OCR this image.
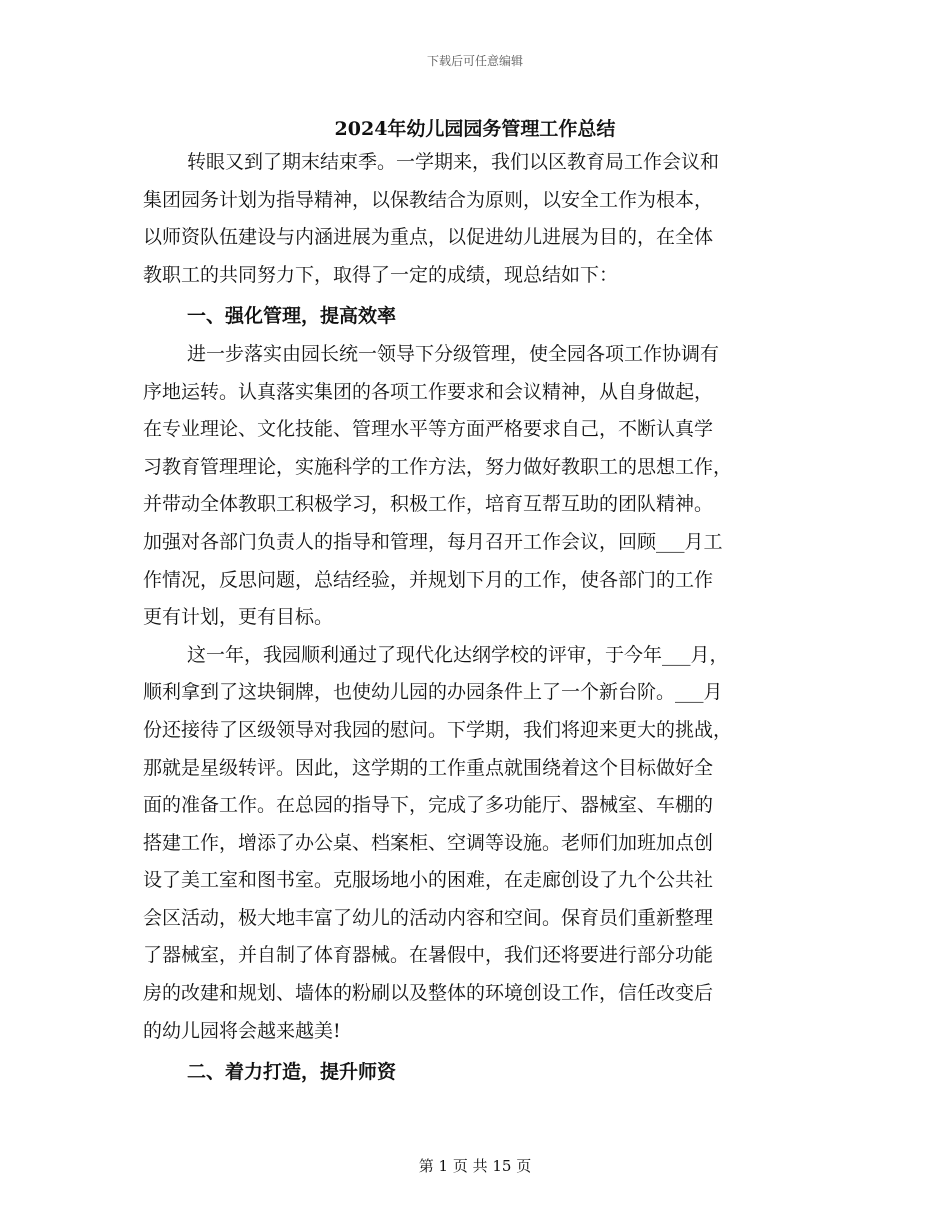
下载后可任意编辑
2024年幼儿园园务管理工作总结
转眼又到了期末结束季。一学期来，我们以区教育局工作会议和
集团园务计划为指导精神，以保教结合为原则，以安全工作为根本，
以师资队伍建设与内涵进展为重点，以促进幼儿进展为目的，在全体
教职工的共同努力下，取得了一定的成绩，现总结如下：
一、强化管理，提高效率
进一步落实由园长统一领导下分级管理，使全园各项工作协调有
序地运转。认真落实集团的各项工作要求和会议精神，从自身做起，
在专业理论、文化技能、管理水平等方面严格要求自己，不断认真学
习教育管理理论，实施科学的工作方法，努力做好教职工的思想工作，
并带动全体教职工积极学习，积极工作，培育互帮互助的团队精神。
加强对各部门负责人的指导和管理，每月召开工作会议，回顾___月工
作情况，反思问题，总结经验，并规划下月的工作，使各部门的工作
更有计划，更有目标。
这一年，我园顺利通过了现代化达纲学校的评审，于今年___月，
顺利拿到了这块铜牌，也使幼儿园的办园条件上了一个新台阶。___月
份还接待了区级领导对我园的慰问。下学期，我们将迎来更大的挑战，
那就是星级转评。因此，这学期的工作重点就围绕着这个目标做好全
面的准备工作。在总园的指导下，完成了多功能厅、器械室、车棚的
搭建工作，增添了办公桌、档案柜、空调等设施。老师们加班加点创
设了美工室和图书室。克服场地小的困难，在走廊创设了九个公共社
会区活动，极大地丰富了幼儿的活动内容和空间。保育员们重新整理
了器械室，并自制了体育器械。在暑假中，我们还将要进行部分功能
房的改建和规划、墙体的粉刷以及整体的环境创设工作，信任改变后
的幼儿园将会越来越美!
二、着力打造，提升师资
第 1 页 共 15 页
